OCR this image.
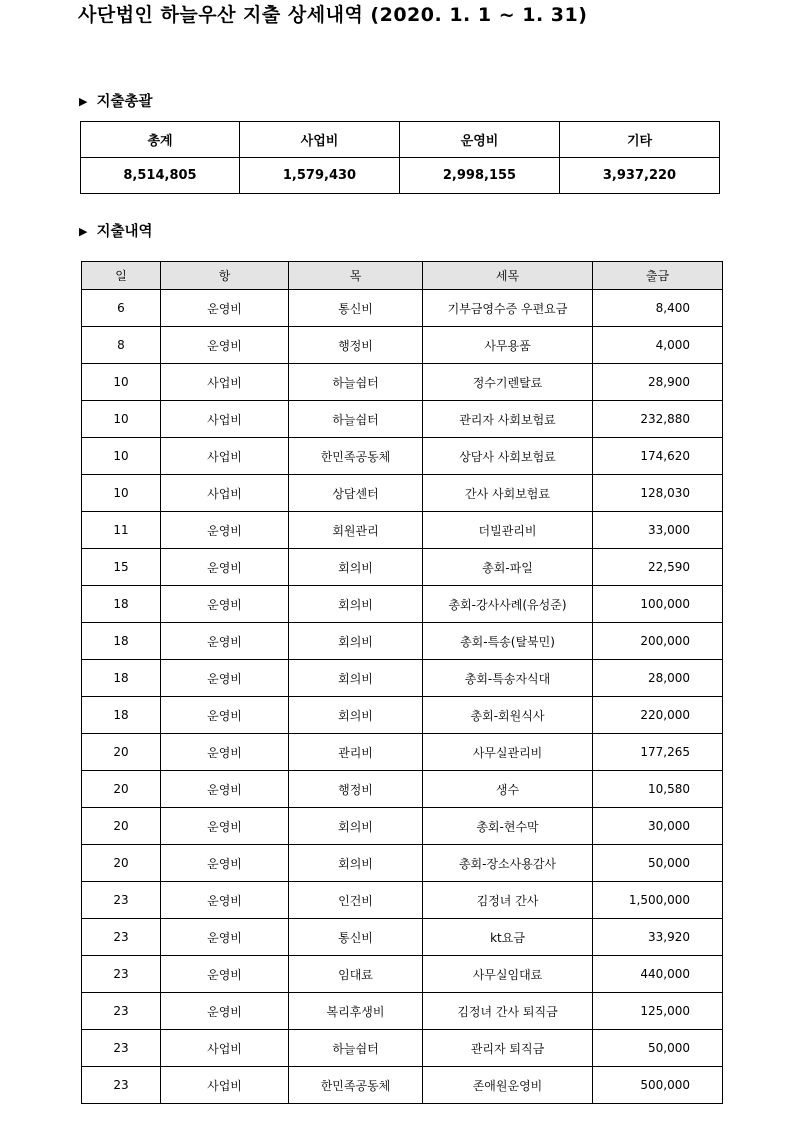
사단법인 하늘우산 지출 상세내역 (2020. 1. 1 ~ 1. 31)
▶ 지출총괄
총계	사업비	운영비	기타
8,514,805	1,579,430	2,998,155	3,937,220
▶ 지출내역
일	항	목	세목	출금
6	운영비	통신비	기부금영수증 우편요금	8,400
8	운영비	행정비	사무용품	4,000
10	사업비	하늘쉼터	정수기렌탈료	28,900
10	사업비	하늘쉼터	관리자 사회보험료	232,880
10	사업비	한민족공동체	상담사 사회보험료	174,620
10	사업비	상담센터	간사 사회보험료	128,030
11	운영비	회원관리	더빌관리비	33,000
15	운영비	회의비	총회-파일	22,590
18	운영비	회의비	총회-강사사례(유성준)	100,000
18	운영비	회의비	총회-특송(탈북민)	200,000
18	운영비	회의비	총회-특송자식대	28,000
18	운영비	회의비	총회-회원식사	220,000
20	운영비	관리비	사무실관리비	177,265
20	운영비	행정비	생수	10,580
20	운영비	회의비	총회-현수막	30,000
20	운영비	회의비	총회-장소사용감사	50,000
23	운영비	인건비	김정녀 간사	1,500,000
23	운영비	통신비	kt요금	33,920
23	운영비	임대료	사무실임대료	440,000
23	운영비	복리후생비	김정녀 간사 퇴직금	125,000
23	사업비	하늘쉼터	관리자 퇴직금	50,000
23	사업비	한민족공동체	존애원운영비	500,000
